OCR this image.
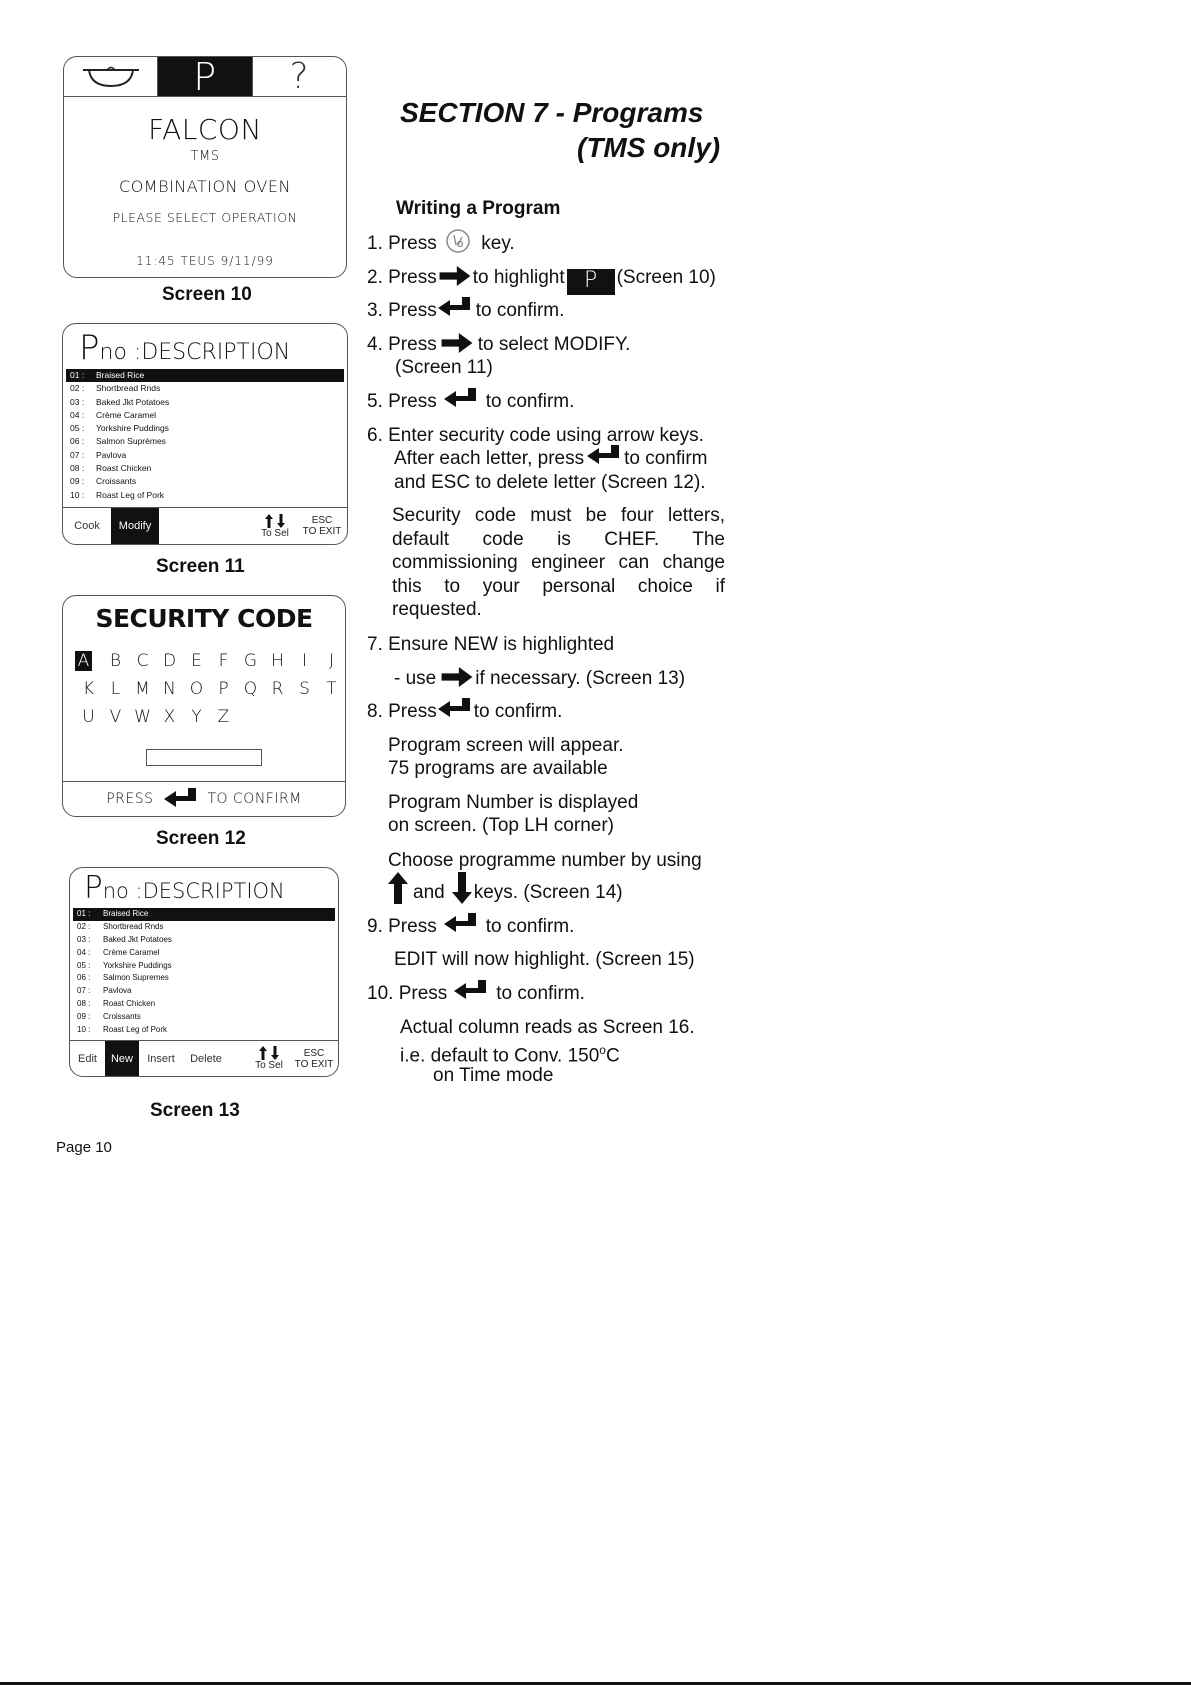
P ?
FALCON
TMS
COMBINATION OVEN
PLEASE SELECT OPERATION
11:45 TEUS 9/11/99
Screen 10
Pno :DESCRIPTION
01 : Braised Rice
02 : Shortbread Rnds
03 : Baked Jkt Potatoes
04 : Crème Caramel
05 : Yorkshire Puddings
06 : Salmon Suprèmes
07 : Pavlova
08 : Roast Chicken
09 : Croissants
10 : Roast Leg of Pork
Cook	Modify
To Sel
ESC
TO EXIT
Screen 11
SECURITY CODE
A B C D E F G H I J
K L M N O P Q R S T
U V W X Y Z
PRESS	TO CONFIRM
Screen 12
Pno :DESCRIPTION
01 : Braised Rice
02 : Shortbread Rnds
03 : Baked Jkt Potatoes
04 : Crème Caramel
05 : Yorkshire Puddings
06 : Salmon Supremes
07 : Pavlova
08 : Roast Chicken
09 : Croissants
10 : Roast Leg of Pork
Edit	New	Insert	Delete
To Sel
ESC
TO EXIT
Screen 13
SECTION 7 - Programs
(TMS only)
Writing a Program
1. Press key.
2. Press to highlight P (Screen 10)
3. Press to confirm.
4. Press to select MODIFY.
(Screen 11)
5. Press	to confirm.
6. Enter security code using arrow keys.
After each letter, press to confirm
and ESC to delete letter (Screen 12).
Security code must be four letters, default code is CHEF. The commissioning engineer can change this to your personal choice if requested.
7. Ensure NEW is highlighted
- use if necessary. (Screen 13)
8. Press to confirm.
Program screen will appear.
75 programs are available
Program Number is displayed
on screen. (Top LH corner)
Choose programme number by using
and keys. (Screen 14)
9. Press	to confirm.
EDIT will now highlight. (Screen 15)
10. Press	to confirm.
Actual column reads as Screen 16.
i.e. default to Conv. 150$^o$C
on Time mode
Page 10
